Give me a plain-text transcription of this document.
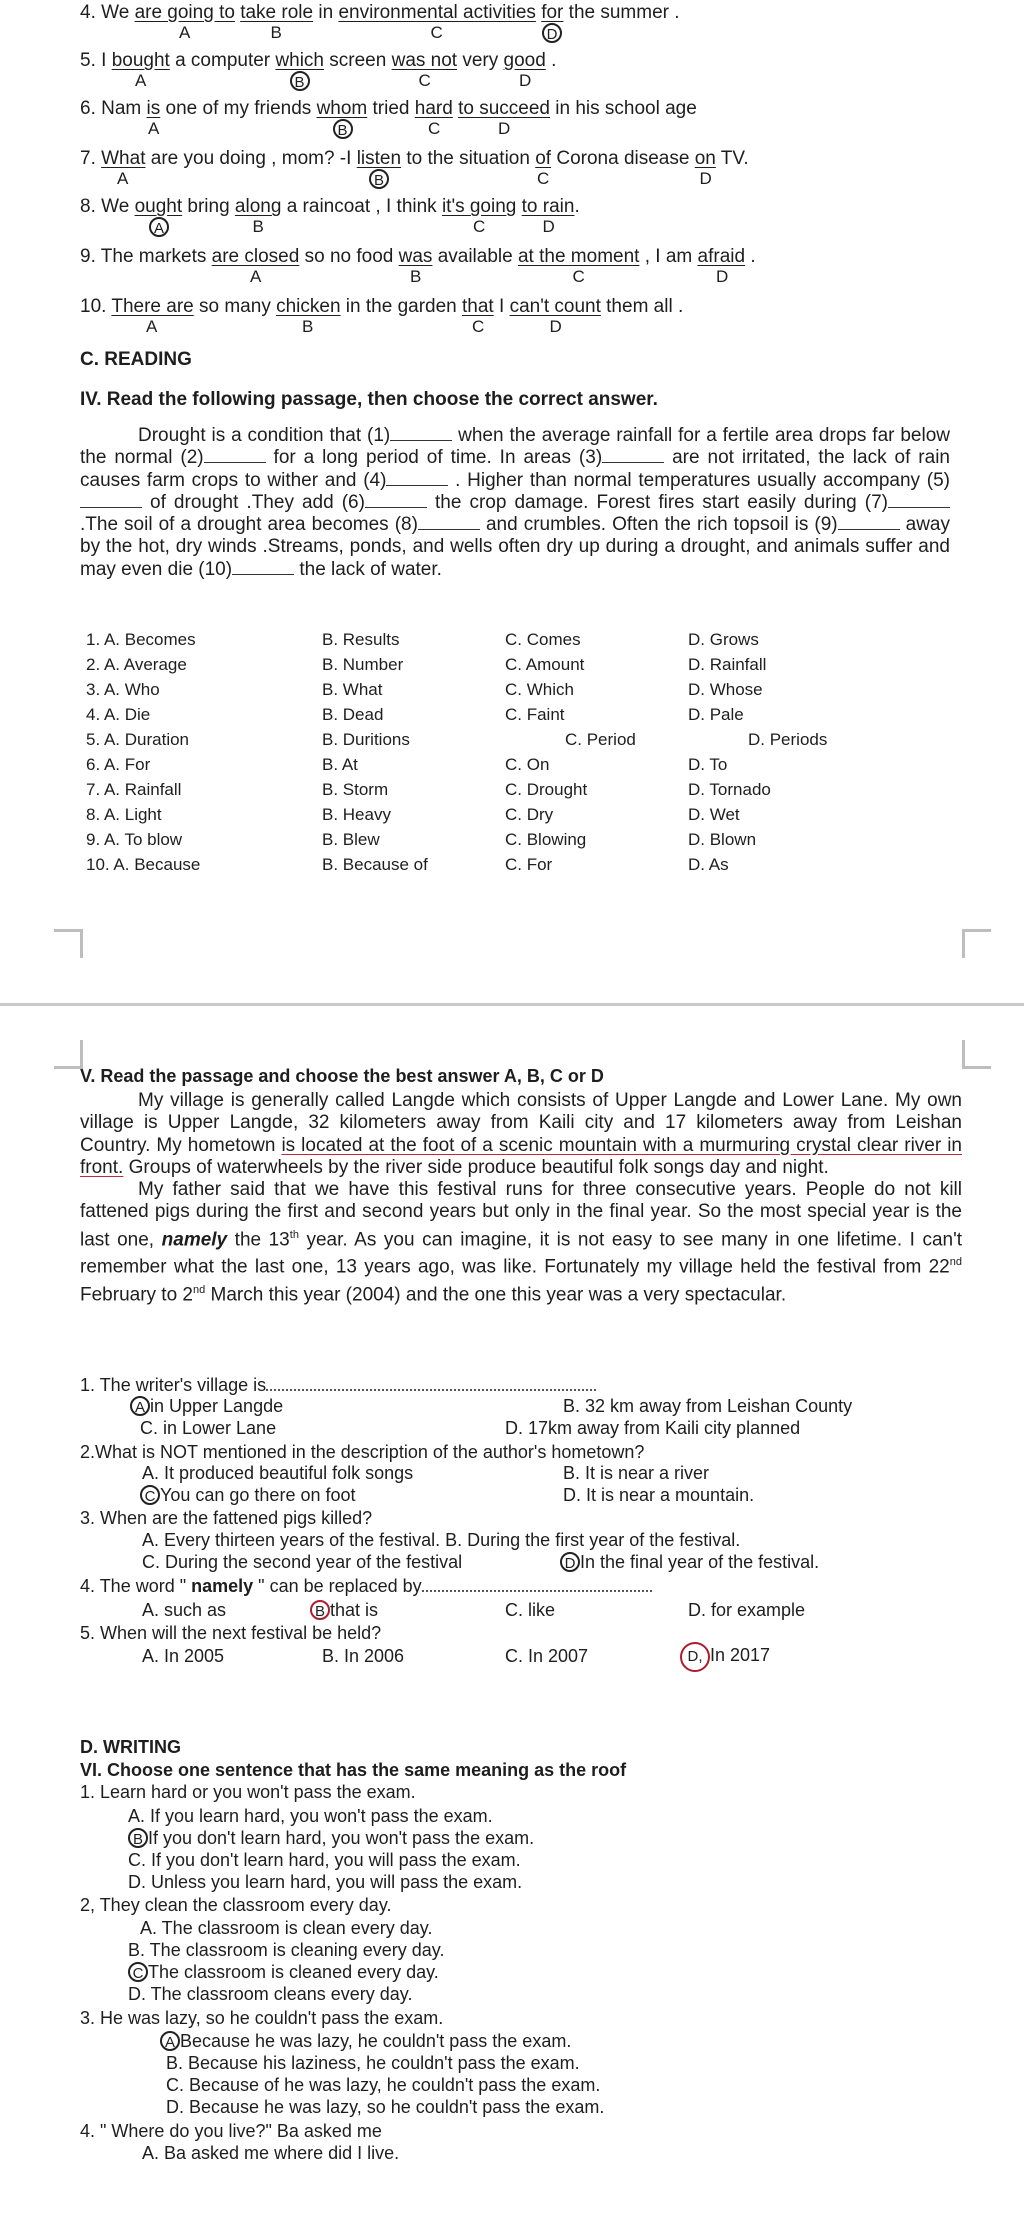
4. We are going to take role in environmental activities for the summer .
5. I bought a computer which screen was not very good .
6. Nam is one of my friends whom tried hard to succeed in his school age
7. What are you doing , mom? -I listen to the situation of Corona disease on TV.
8. We ought bring along a raincoat , I think it's going to rain.
9. The markets are closed so no food was available at the moment , I am afraid .
10. There are so many chicken in the garden that I can't count them all .
A	B	C	D
A	B	C	D
A	B	C	D
A	B	C	D
A	B	C	D
A	B	C	D
A	B	C	D
C. READING
IV. Read the following passage, then choose the correct answer.

Drought is a condition that (1)	when the average rainfall for a fertile area drops far below the normal (2)	for a long period of time. In areas (3)	are not irritated, the lack of rain causes farm crops to wither and (4)	. Higher than normal temperatures usually accompany (5) of drought .They add (6)	the crop damage. Forest fires start easily during (7) .The soil of a drought area becomes (8)	and crumbles. Often the rich topsoil is (9)	away by the hot, dry winds .Streams, ponds, and wells often dry up during a drought, and animals suffer and may even die (10)	the lack of water.

1. A. Becomes	B. Results	C. Comes	D. Grows
2. A. Average	B. Number	C. Amount	D. Rainfall
3. A. Who	B. What	C. Which	D. Whose
4. A. Die	B. Dead	C. Faint	D. Pale
5. A. Duration	B. Duritions	C. Period	D. Periods
6. A. For	B. At	C. On	D. To
7. A. Rainfall	B. Storm	C. Drought	D. Tornado
8. A. Light	B. Heavy	C. Dry	D. Wet
9. A. To blow	B. Blew	C. Blowing	D. Blown
10. A. Because	B. Because of	C. For	D. As
V. Read the passage and choose the best answer A, B, C or D

My village is generally called Langde which consists of Upper Langde and Lower Lane. My own village is Upper Langde, 32 kilometers away from Kaili city and 17 kilometers away from Leishan Country. My hometown is located at the foot of a scenic mountain with a murmuring crystal clear river in front. Groups of waterwheels by the river side produce beautiful folk songs day and night.

My father said that we have this festival runs for three consecutive years. People do not kill fattened pigs during the first and second years but only in the final year. So the most special year is the last one, namely the 13th year. As you can imagine, it is not easy to see many in one lifetime. I can't remember what the last one, 13 years ago, was like. Fortunately my village held the festival from 22nd February to 2nd March this year (2004) and the one this year was a very spectacular.

1. The writer's village is
A in Upper Langde	B. 32 km away from Leishan County
C. in Lower Lane	D. 17km away from Kaili city planned
2.What is NOT mentioned in the description of the author's hometown?
A. It produced beautiful folk songs	B. It is near a river
C You can go there on foot	D. It is near a mountain.
3. When are the fattened pigs killed?
A. Every thirteen years of the festival. B. During the first year of the festival.
C. During the second year of the festival	D In the final year of the festival.
4. The word " namely " can be replaced by
A. such as	B that is	C. like	D. for example
5. When will the next festival be held?
A. In 2005	B. In 2006	C. In 2007	D, In 2017
D. WRITING
VI. Choose one sentence that has the same meaning as the roof
1. Learn hard or you won't pass the exam.
A. If you learn hard, you won't pass the exam.
B If you don't learn hard, you won't pass the exam.
C. If you don't learn hard, you will pass the exam.
D. Unless you learn hard, you will pass the exam.
2, They clean the classroom every day.
A. The classroom is clean every day.
B. The classroom is cleaning every day.
C The classroom is cleaned every day.
D. The classroom cleans every day.
3. He was lazy, so he couldn't pass the exam.
A Because he was lazy, he couldn't pass the exam.
B. Because his laziness, he couldn't pass the exam.
C. Because of he was lazy, he couldn't pass the exam.
D. Because he was lazy, so he couldn't pass the exam.
4. " Where do you live?" Ba asked me
A. Ba asked me where did I live.
